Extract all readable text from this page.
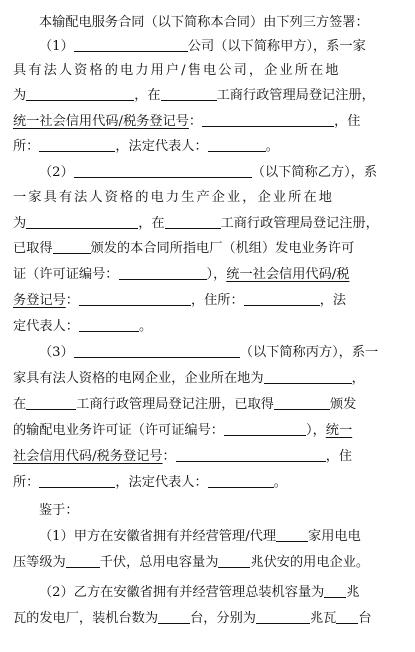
本输配电服务合同（以下简称本合同）由下列三方签署：
（1）	公司（以下简称甲方），系一家
具有法人资格的电力用户/售电公司，企业所在地
为	，在	工商行政管理局登记注册，
统一社会信用代码/税务登记号：	，住
所：	，法定代表人：	。
（2）	（以下简称乙方），系
一家具有法人资格的电力生产企业，企业所在地
为	，在	工商行政管理局登记注册，
已取得	颁发的本合同所指电厂（机组）发电业务许可
证（许可证编号：	），统一社会信用代码/税
务登记号：	，住所：	，法
定代表人：	。
（3）	（以下简称丙方），系一
家具有法人资格的电网企业，企业所在地为	，
在	工商行政管理局登记注册，已取得	颁发
的输配电业务许可证（许可证编号：	），统一
社会信用代码/税务登记号：	，住
所：	，法定代表人：	。
鉴于：
（1）甲方在安徽省拥有并经营管理/代理 家用电电
压等级为	千伏，总用电容量为 兆伏安的用电企业。
（2）乙方在安徽省拥有并经营管理总装机容量为 兆
瓦的发电厂，装机台数为 台，分别为	兆瓦 台
